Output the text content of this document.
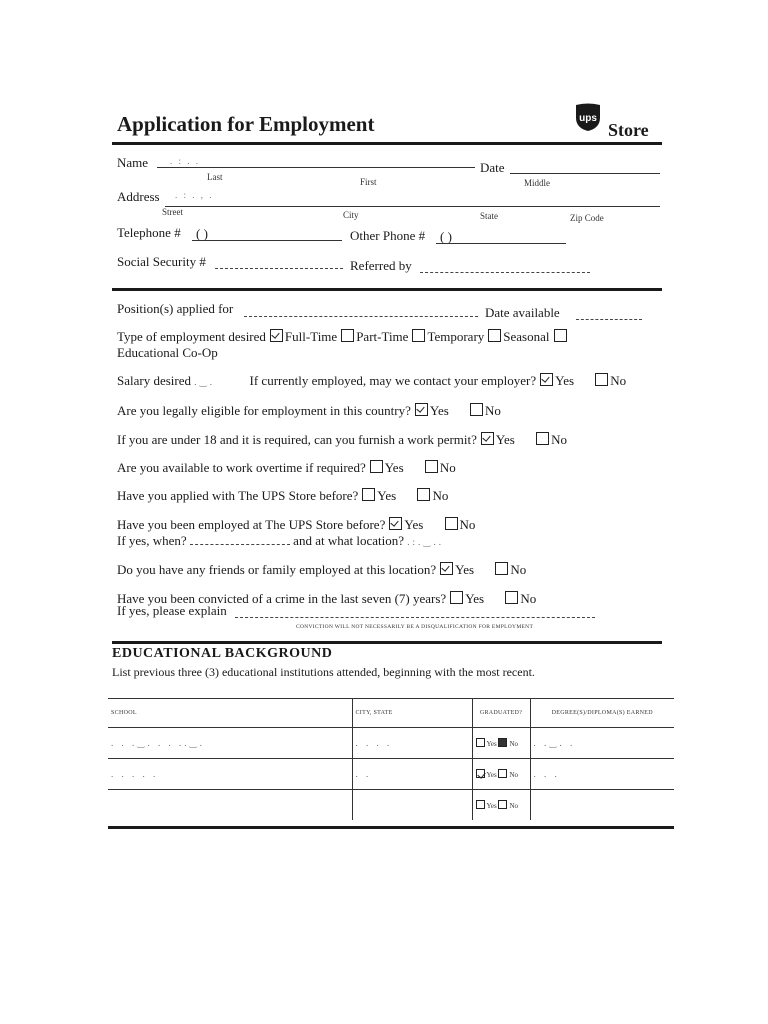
Application for Employment	ups
Store
Name . : . .	Date
Last	First	Middle
Address . : . , .
Street	City	State	Zip Code
Telephone # ( )	Other Phone # ( )
Social Security #	Referred by
Position(s) applied for	Date available
Type of employment desired Full-Time Part-Time Temporary Seasonal
Educational Co-Op
Salary desired .‿.	If currently employed, may we contact your employer? Yes	No
Are you legally eligible for employment in this country? Yes	No
If you are under 18 and it is required, can you furnish a work permit? Yes	No
Are you available to work overtime if required? Yes	No
Have you applied with The UPS Store before? Yes	No
Have you been employed at The UPS Store before? Yes	No
If yes, when?	and at what location? .:.‿..
Do you have any friends or family employed at this location? Yes	No
Have you been convicted of a crime in the last seven (7) years? Yes	No
If yes, please explain
CONVICTION WILL NOT NECESSARILY BE A DISQUALIFICATION FOR EMPLOYMENT
EDUCATIONAL BACKGROUND
List previous three (3) educational institutions attended, beginning with the most recent.
SCHOOL	CITY, STATE	GRADUATED?	DEGREE(S)/DIPLOMA(S) EARNED
. . .‿. . . ..‿.	. . . .	Yes No	. .‿. .
. . . . .	. .	Yes No	. . .
		Yes No	
